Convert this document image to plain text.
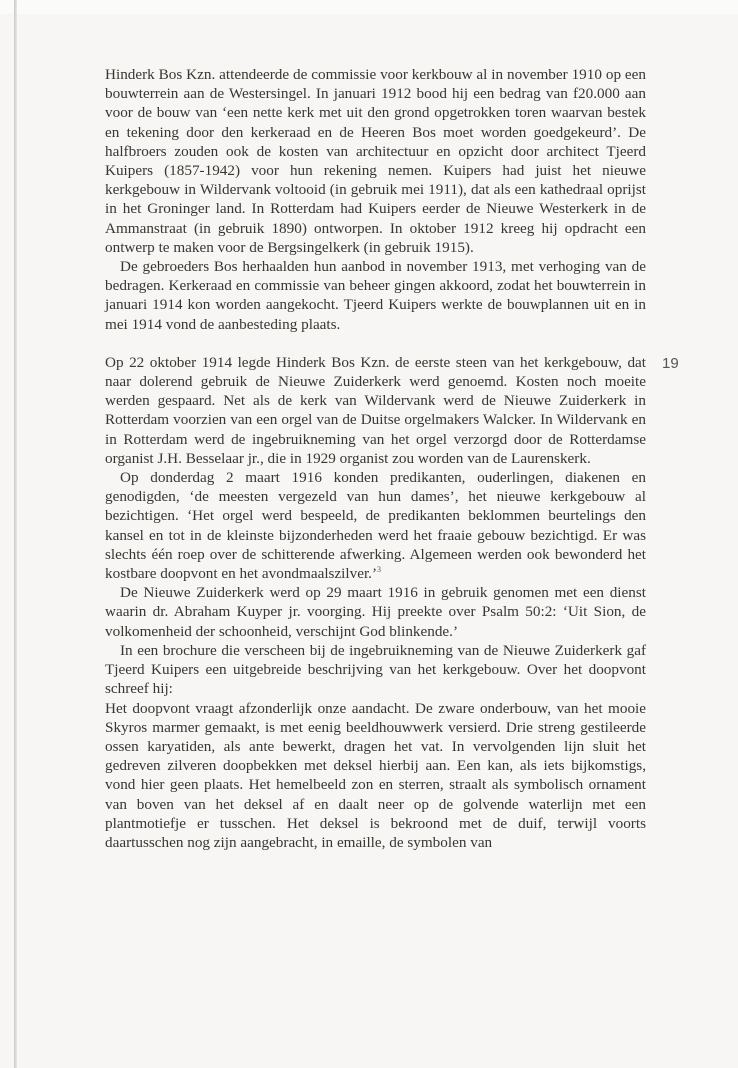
Hinderk Bos Kzn. attendeerde de commissie voor kerkbouw al in november 1910 op een bouwterrein aan de Westersingel. In januari 1912 bood hij een bedrag van f20.000 aan voor de bouw van ‘een nette kerk met uit den grond opgetrokken toren waarvan bestek en tekening door den kerkeraad en de Heeren Bos moet worden goedgekeurd’. De halfbroers zouden ook de kosten van architectuur en opzicht door architect Tjeerd Kuipers (1857-1942) voor hun rekening nemen. Kuipers had juist het nieuwe kerkgebouw in Wildervank voltooid (in gebruik mei 1911), dat als een kathedraal oprijst in het Groninger land. In Rotterdam had Kuipers eerder de Nieuwe Westerkerk in de Ammanstraat (in gebruik 1890) ontworpen. In oktober 1912 kreeg hij opdracht een ontwerp te maken voor de Bergsingelkerk (in gebruik 1915).

De gebroeders Bos herhaalden hun aanbod in november 1913, met verhoging van de bedragen. Kerkeraad en commissie van beheer gingen akkoord, zodat het bouwterrein in januari 1914 kon worden aangekocht. Tjeerd Kuipers werkte de bouwplannen uit en in mei 1914 vond de aanbesteding plaats.

Op 22 oktober 1914 legde Hinderk Bos Kzn. de eerste steen van het kerkgebouw, dat naar dolerend gebruik de Nieuwe Zuiderkerk werd genoemd. Kosten noch moeite werden gespaard. Net als de kerk van Wildervank werd de Nieuwe Zuiderkerk in Rotterdam voorzien van een orgel van de Duitse orgelmakers Walcker. In Wildervank en in Rotterdam werd de ingebruikneming van het orgel verzorgd door de Rotterdamse organist J.H. Besselaar jr., die in 1929 organist zou worden van de Laurenskerk.

Op donderdag 2 maart 1916 konden predikanten, ouderlingen, diakenen en genodigden, ‘de meesten vergezeld van hun dames’, het nieuwe kerkgebouw al bezichtigen. ‘Het orgel werd bespeeld, de predikanten beklommen beurtelings den kansel en tot in de kleinste bijzonderheden werd het fraaie gebouw bezichtigd. Er was slechts één roep over de schitterende afwerking. Algemeen werden ook bewonderd het kostbare doopvont en het avondmaalszilver.’$^3$

De Nieuwe Zuiderkerk werd op 29 maart 1916 in gebruik genomen met een dienst waarin dr. Abraham Kuyper jr. voorging. Hij preekte over Psalm 50:2: ‘Uit Sion, de volkomenheid der schoonheid, verschijnt God blinkende.’

In een brochure die verscheen bij de ingebruikneming van de Nieuwe Zuiderkerk gaf Tjeerd Kuipers een uitgebreide beschrijving van het kerkgebouw. Over het doopvont schreef hij:

Het doopvont vraagt afzonderlijk onze aandacht. De zware onderbouw, van het mooie Skyros marmer gemaakt, is met eenig beeldhouwwerk versierd. Drie streng gestileerde ossen karyatiden, als ante bewerkt, dragen het vat. In vervolgenden lijn sluit het gedreven zilveren doopbekken met deksel hierbij aan. Een kan, als iets bijkomstigs, vond hier geen plaats. Het hemelbeeld zon en sterren, straalt als symbolisch ornament van boven van het deksel af en daalt neer op de golvende waterlijn met een plantmotiefje er tusschen. Het deksel is bekroond met de duif, terwijl voorts daartusschen nog zijn aangebracht, in emaille, de symbolen van

19
